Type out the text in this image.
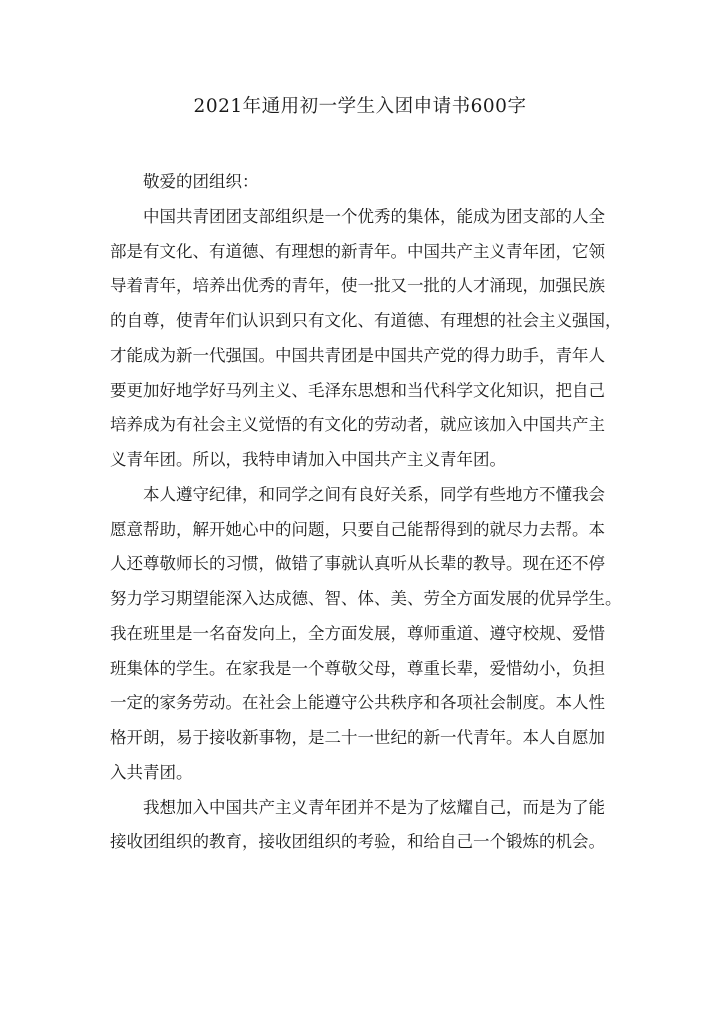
2021年通用初一学生入团申请书600字
敬爱的团组织：
中国共青团团支部组织是一个优秀的集体，能成为团支部的人全
部是有文化、有道德、有理想的新青年。中国共产主义青年团，它领
导着青年，培养出优秀的青年，使一批又一批的人才涌现，加强民族
的自尊，使青年们认识到只有文化、有道德、有理想的社会主义强国，
才能成为新一代强国。中国共青团是中国共产党的得力助手，青年人
要更加好地学好马列主义、毛泽东思想和当代科学文化知识，把自己
培养成为有社会主义觉悟的有文化的劳动者，就应该加入中国共产主
义青年团。所以，我特申请加入中国共产主义青年团。
本人遵守纪律，和同学之间有良好关系，同学有些地方不懂我会
愿意帮助，解开她心中的问题，只要自己能帮得到的就尽力去帮。本
人还尊敬师长的习惯，做错了事就认真听从长辈的教导。现在还不停
努力学习期望能深入达成德、智、体、美、劳全方面发展的优异学生。
我在班里是一名奋发向上，全方面发展，尊师重道、遵守校规、爱惜
班集体的学生。在家我是一个尊敬父母，尊重长辈，爱惜幼小，负担
一定的家务劳动。在社会上能遵守公共秩序和各项社会制度。本人性
格开朗，易于接收新事物，是二十一世纪的新一代青年。本人自愿加
入共青团。
我想加入中国共产主义青年团并不是为了炫耀自己，而是为了能
接收团组织的教育，接收团组织的考验，和给自己一个锻炼的机会。
